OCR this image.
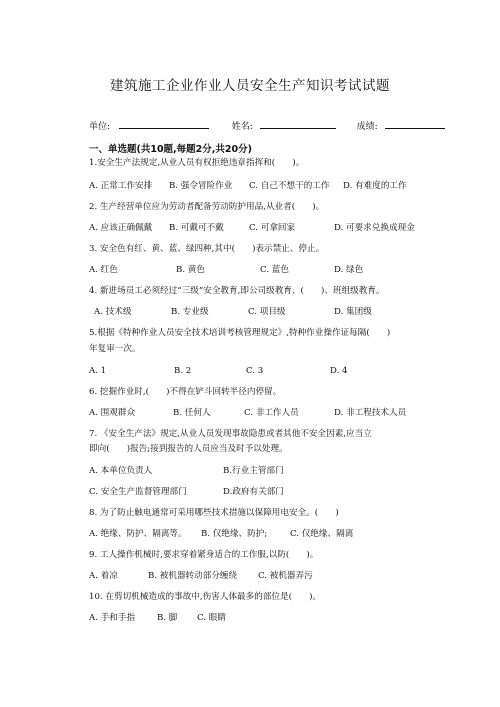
建筑施工企业作业人员安全生产知识考试试题
单位:	姓名:	成绩:
一、单选题(共10题,每题2分,共20分)
1.安全生产法规定,从业人员有权拒绝违章指挥和(　　)。
A. 正常工作安排 B. 强令冒险作业 C. 自己不想干的工作 D. 有难度的工作
2. 生产经营单位应为劳动者配备劳动防护用品,从业者(　　)。
A. 应该正确佩戴 B. 可戴可不戴	C. 可拿回家	D. 可要求兑换成现金
3. 安全色有红、黄、蓝、绿四种,其中(　　)表示禁止、停止。
A. 红色	B. 黄色	C. 蓝色	D. 绿色
4. 新进场员工必须经过“三级”安全教育,即公司级教育、(　　)、班组级教育。
A. 技术级	B. 专业级	C. 项目级	D. 集团级
5.根据《特种作业人员安全技术培训考核管理规定》,特种作业操作证每隔(　　)
年复审一次。
A. 1	B. 2	C. 3	D. 4
6. 挖掘作业时,(　　)不得在铲斗回转半径内停留。
A. 围观群众	B. 任何人	C. 非工作人员	D. 非工程技术人员
7. 《安全生产法》规定,从业人员发现事故隐患或者其他不安全因素,应当立
即向(　　)报告;接到报告的人员应当及时予以处理。
A. 本单位负责人	B.行业主管部门
C. 安全生产监督管理部门	D.政府有关部门
8. 为了防止触电通常可采用哪些技术措施以保障用电安全。(　　)
A. 绝缘、防护、隔离等。 B. 仅绝缘、防护;	C. 仅绝缘、隔离
9. 工人操作机械时,要求穿着紧身适合的工作服,以防(　　)。
A. 着凉	B. 被机器转动部分缠绕 C. 被机器弄污
10. 在剪切机械造成的事故中,伤害人体最多的部位是(　　)。
A. 手和手指	B. 脚 C. 眼睛
